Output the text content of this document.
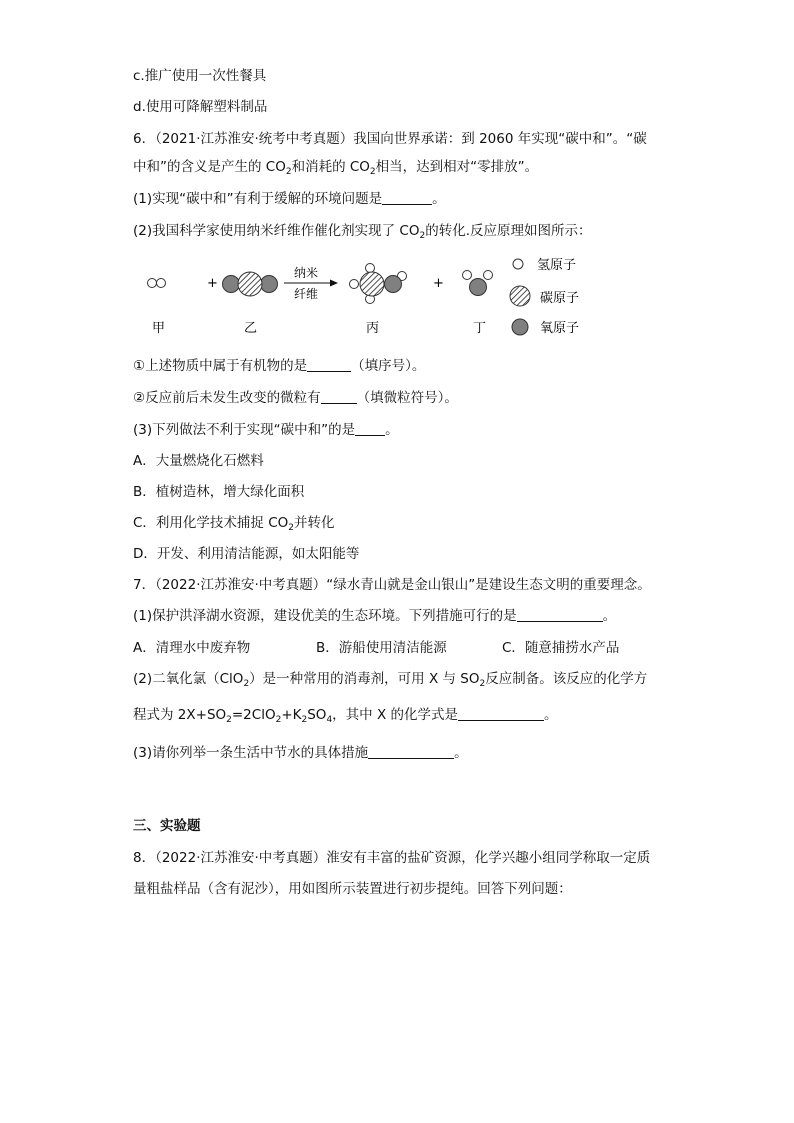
c.推广使用一次性餐具

d.使用可降解塑料制品

6．（2021·江苏淮安·统考中考真题）我国向世界承诺：到 2060 年实现“碳中和”。“碳

中和”的含义是产生的 $CO_2$和消耗的 $CO_2$相当，达到相对“零排放”。

(1)实现“碳中和”有利于缓解的环境问题是	。

(2)我国科学家使用纳米纤维作催化剂实现了 $CO_2$的转化.反应原理如图所示：

+
纳米
纤维
+
氢原子
碳原子
氧原子
甲	乙	丙	丁

①上述物质中属于有机物的是	（填序号）。

②反应前后未发生改变的微粒有	（填微粒符号）。

(3)下列做法不利于实现“碳中和”的是 。

A．大量燃烧化石燃料

B．植树造林，增大绿化面积

C．利用化学技术捕捉 $CO_2$并转化

D．开发、利用清洁能源，如太阳能等

7．（2022·江苏淮安·中考真题）“绿水青山就是金山银山”是建设生态文明的重要理念。

(1)保护洪泽湖水资源，建设优美的生态环境。下列措施可行的是	。

A．清理水中废弃物	B．游船使用清洁能源	C．随意捕捞水产品

(2)二氧化氯（ClO$_2$）是一种常用的消毒剂，可用 X 与 $SO_2$反应制备。该反应的化学方

程式为 $2X+SO_2=2ClO_2+K_2SO_4$，其中 X 的化学式是	。

(3)请你列举一条生活中节水的具体措施	。

三、实验题

8．（2022·江苏淮安·中考真题）淮安有丰富的盐矿资源，化学兴趣小组同学称取一定质

量粗盐样品（含有泥沙），用如图所示装置进行初步提纯。回答下列问题：
